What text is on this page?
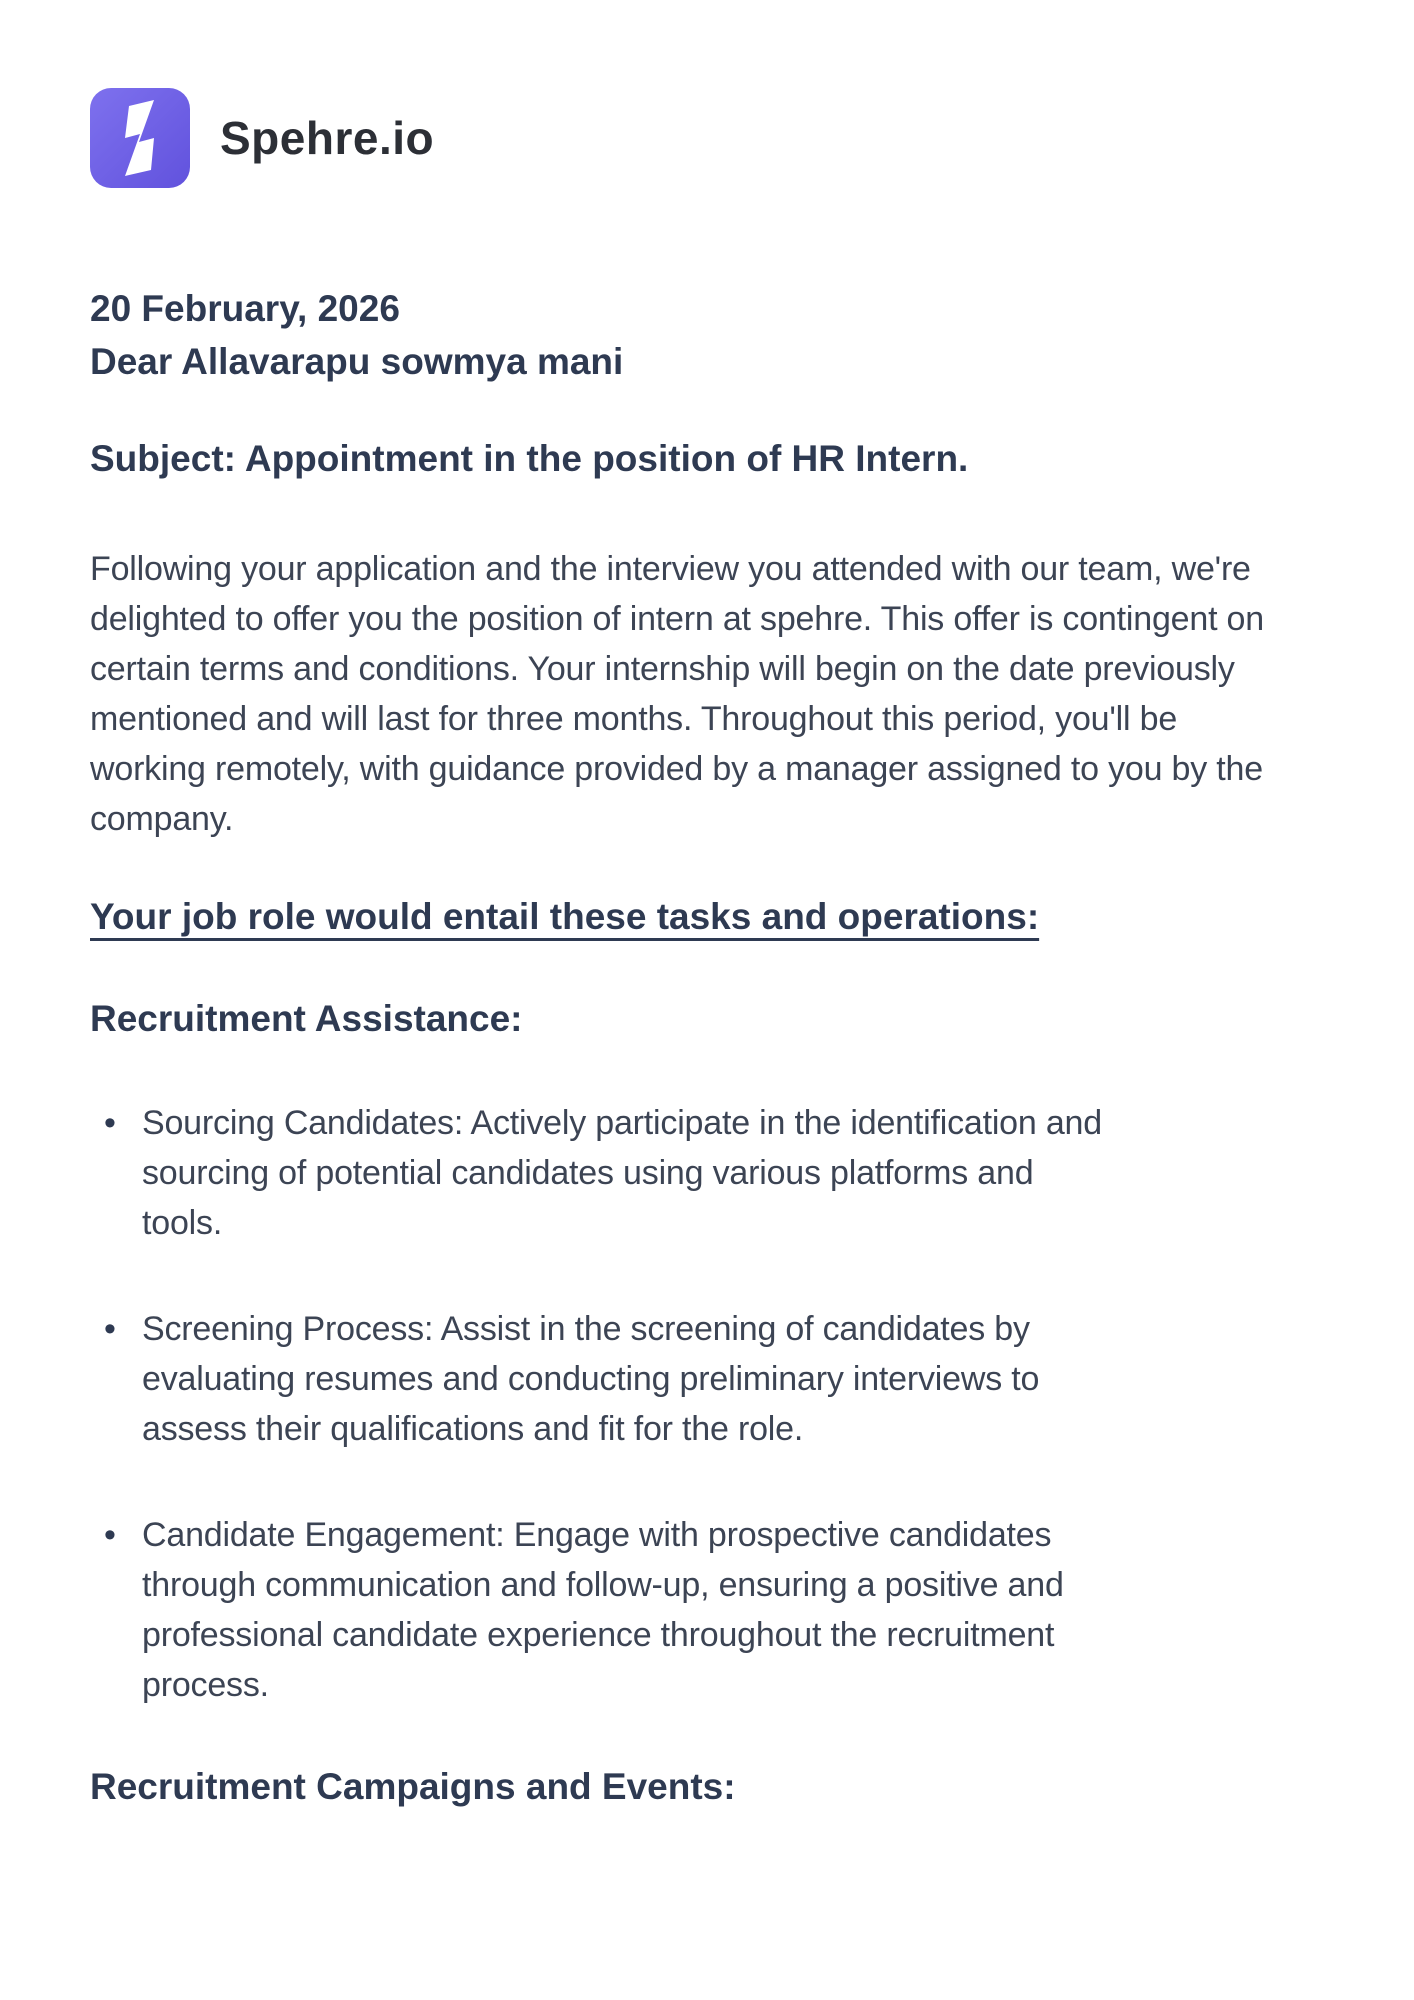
Spehre.io

20 February, 2026
Dear Allavarapu sowmya mani

Subject: Appointment in the position of HR Intern.

Following your application and the interview you attended with our team, we're delighted to offer you the position of intern at spehre. This offer is contingent on certain terms and conditions. Your internship will begin on the date previously mentioned and will last for three months. Throughout this period, you'll be working remotely, with guidance provided by a manager assigned to you by the company.

Your job role would entail these tasks and operations:
Recruitment Assistance:
• Sourcing Candidates: Actively participate in the identification and sourcing of potential candidates using various platforms and tools.
• Screening Process: Assist in the screening of candidates by evaluating resumes and conducting preliminary interviews to assess their qualifications and fit for the role.
• Candidate Engagement: Engage with prospective candidates through communication and follow-up, ensuring a positive and professional candidate experience throughout the recruitment process.
Recruitment Campaigns and Events:
